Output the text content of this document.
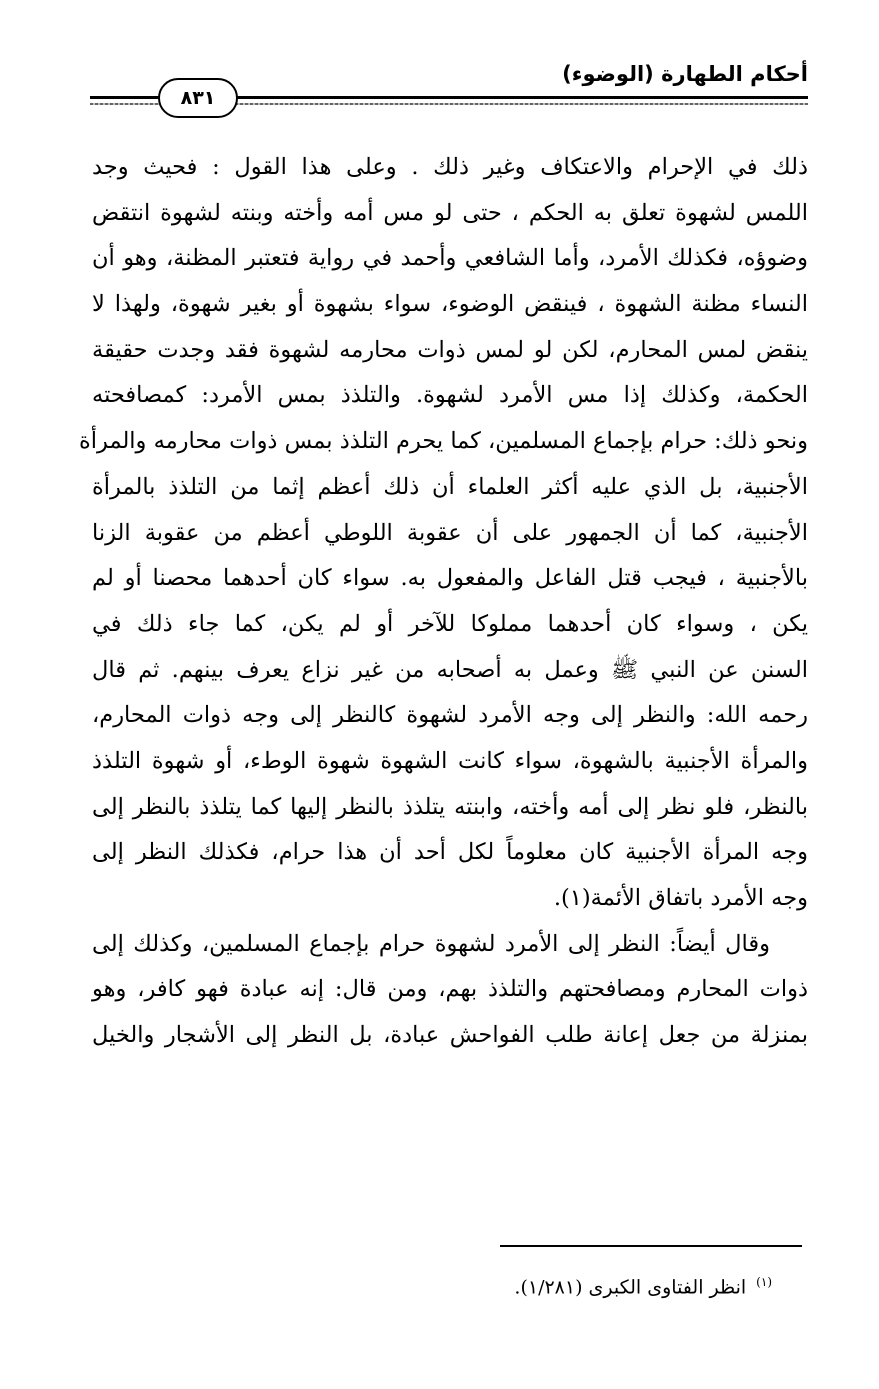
أحكام الطهارة (الوضوء)
٨٣١
ذلك في الإحرام والاعتكاف وغير ذلك . وعلى هذا القول : فحيث وجد
اللمس لشهوة تعلق به الحكم ، حتى لو مس أمه وأخته وبنته لشهوة انتقض
وضوؤه، فكذلك الأمرد، وأما الشافعي وأحمد في رواية فتعتبر المظنة، وهو أن
النساء مظنة الشهوة ، فينقض الوضوء، سواء بشهوة أو بغير شهوة، ولهذا لا
ينقض لمس المحارم، لكن لو لمس ذوات محارمه لشهوة فقد وجدت حقيقة
الحكمة، وكذلك إذا مس الأمرد لشهوة. والتلذذ بمس الأمرد: كمصافحته
ونحو ذلك: حرام بإجماع المسلمين، كما يحرم التلذذ بمس ذوات محارمه والمرأة
الأجنبية، بل الذي عليه أكثر العلماء أن ذلك أعظم إثما من التلذذ بالمرأة
الأجنبية، كما أن الجمهور على أن عقوبة اللوطي أعظم من عقوبة الزنا
بالأجنبية ، فيجب قتل الفاعل والمفعول به. سواء كان أحدهما محصنا أو لم
يكن ، وسواء كان أحدهما مملوكا للآخر أو لم يكن، كما جاء ذلك في
السنن عن النبي ﷺ وعمل به أصحابه من غير نزاع يعرف بينهم. ثم قال
رحمه الله: والنظر إلى وجه الأمرد لشهوة كالنظر إلى وجه ذوات المحارم،
والمرأة الأجنبية بالشهوة، سواء كانت الشهوة شهوة الوطء، أو شهوة التلذذ
بالنظر، فلو نظر إلى أمه وأخته، وابنته يتلذذ بالنظر إليها كما يتلذذ بالنظر إلى
وجه المرأة الأجنبية كان معلوماً لكل أحد أن هذا حرام، فكذلك النظر إلى
وجه الأمرد باتفاق الأئمة(١).
وقال أيضاً: النظر إلى الأمرد لشهوة حرام بإجماع المسلمين، وكذلك إلى
ذوات المحارم ومصافحتهم والتلذذ بهم، ومن قال: إنه عبادة فهو كافر، وهو
بمنزلة من جعل إعانة طلب الفواحش عبادة، بل النظر إلى الأشجار والخيل
$^{(١)}$انظر الفتاوى الكبرى (١/٢٨١).
